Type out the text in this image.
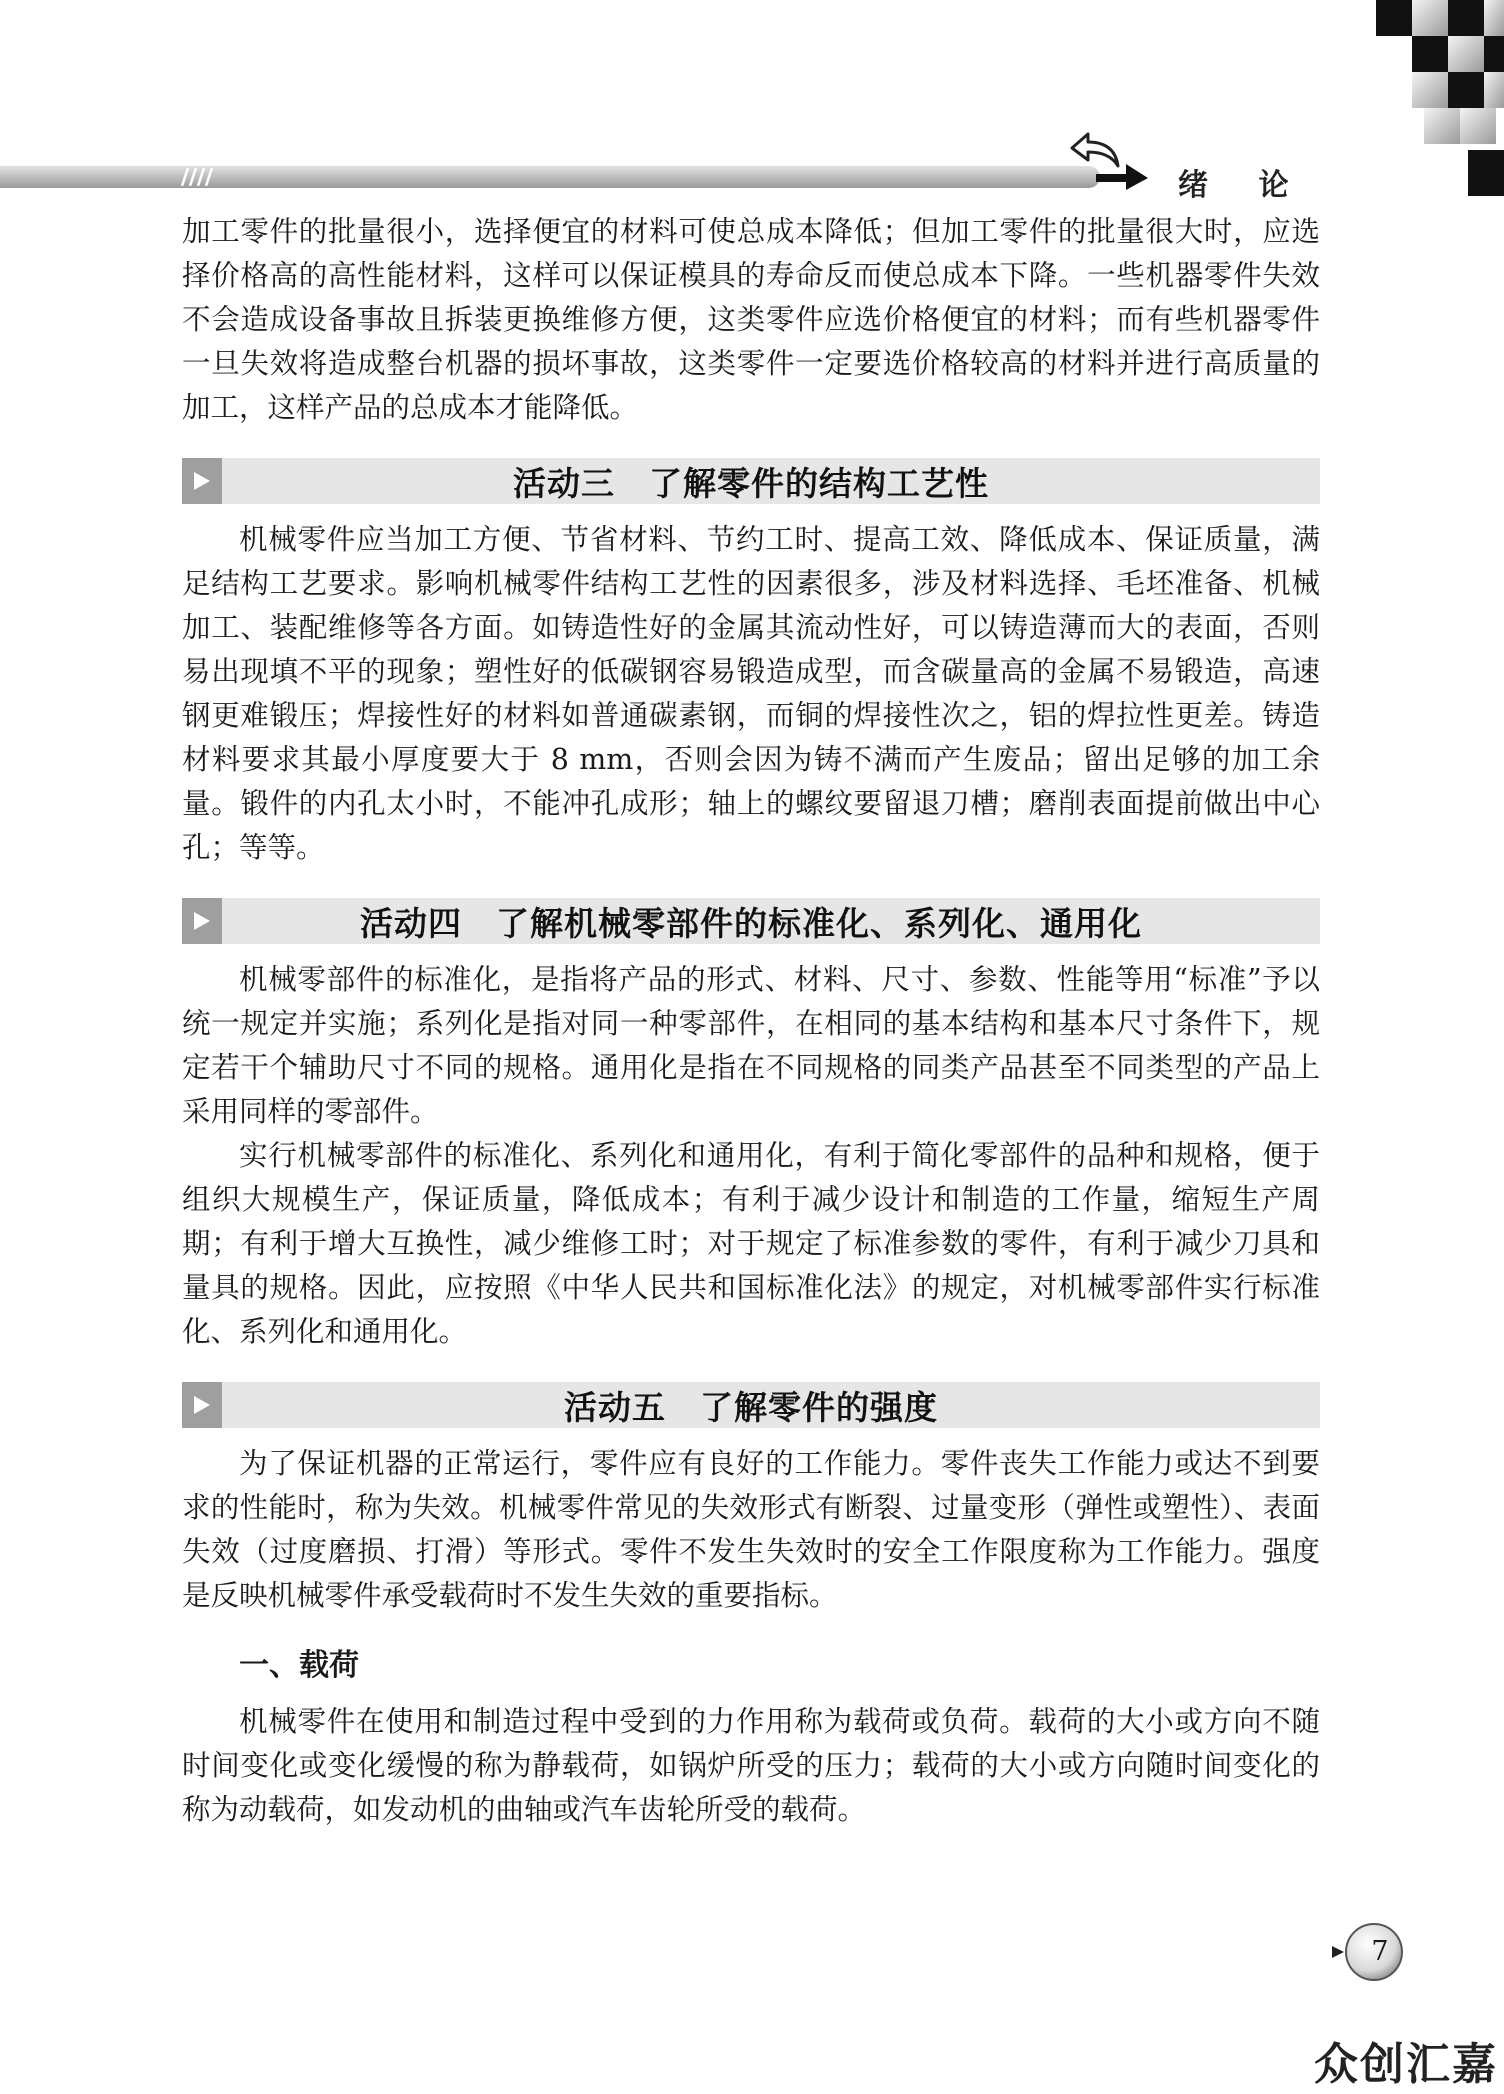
绪 论

加工零件的批量很小，选择便宜的材料可使总成本降低；但加工零件的批量很大时，应选择价格高的高性能材料，这样可以保证模具的寿命反而使总成本下降。一些机器零件失效不会造成设备事故且拆装更换维修方便，这类零件应选价格便宜的材料；而有些机器零件一旦失效将造成整台机器的损坏事故，这类零件一定要选价格较高的材料并进行高质量的加工，这样产品的总成本才能降低。

活动三　了解零件的结构工艺性

机械零件应当加工方便、节省材料、节约工时、提高工效、降低成本、保证质量，满足结构工艺要求。影响机械零件结构工艺性的因素很多，涉及材料选择、毛坯准备、机械加工、装配维修等各方面。如铸造性好的金属其流动性好，可以铸造薄而大的表面，否则易出现填不平的现象；塑性好的低碳钢容易锻造成型，而含碳量高的金属不易锻造，高速钢更难锻压；焊接性好的材料如普通碳素钢，而铜的焊接性次之，铝的焊拉性更差。铸造材料要求其最小厚度要大于 8 mm，否则会因为铸不满而产生废品；留出足够的加工余量。锻件的内孔太小时，不能冲孔成形；轴上的螺纹要留退刀槽；磨削表面提前做出中心孔；等等。

活动四　了解机械零部件的标准化、系列化、通用化

机械零部件的标准化，是指将产品的形式、材料、尺寸、参数、性能等用“标准”予以统一规定并实施；系列化是指对同一种零部件，在相同的基本结构和基本尺寸条件下，规定若干个辅助尺寸不同的规格。通用化是指在不同规格的同类产品甚至不同类型的产品上采用同样的零部件。

实行机械零部件的标准化、系列化和通用化，有利于简化零部件的品种和规格，便于组织大规模生产，保证质量，降低成本；有利于减少设计和制造的工作量，缩短生产周期；有利于增大互换性，减少维修工时；对于规定了标准参数的零件，有利于减少刀具和量具的规格。因此，应按照《中华人民共和国标准化法》的规定，对机械零部件实行标准化、系列化和通用化。

活动五　了解零件的强度

为了保证机器的正常运行，零件应有良好的工作能力。零件丧失工作能力或达不到要求的性能时，称为失效。机械零件常见的失效形式有断裂、过量变形（弹性或塑性）、表面失效（过度磨损、打滑）等形式。零件不发生失效时的安全工作限度称为工作能力。强度是反映机械零件承受载荷时不发生失效的重要指标。

一、载荷

机械零件在使用和制造过程中受到的力作用称为载荷或负荷。载荷的大小或方向不随时间变化或变化缓慢的称为静载荷，如锅炉所受的压力；载荷的大小或方向随时间变化的称为动载荷，如发动机的曲轴或汽车齿轮所受的载荷。

7
众创汇嘉
